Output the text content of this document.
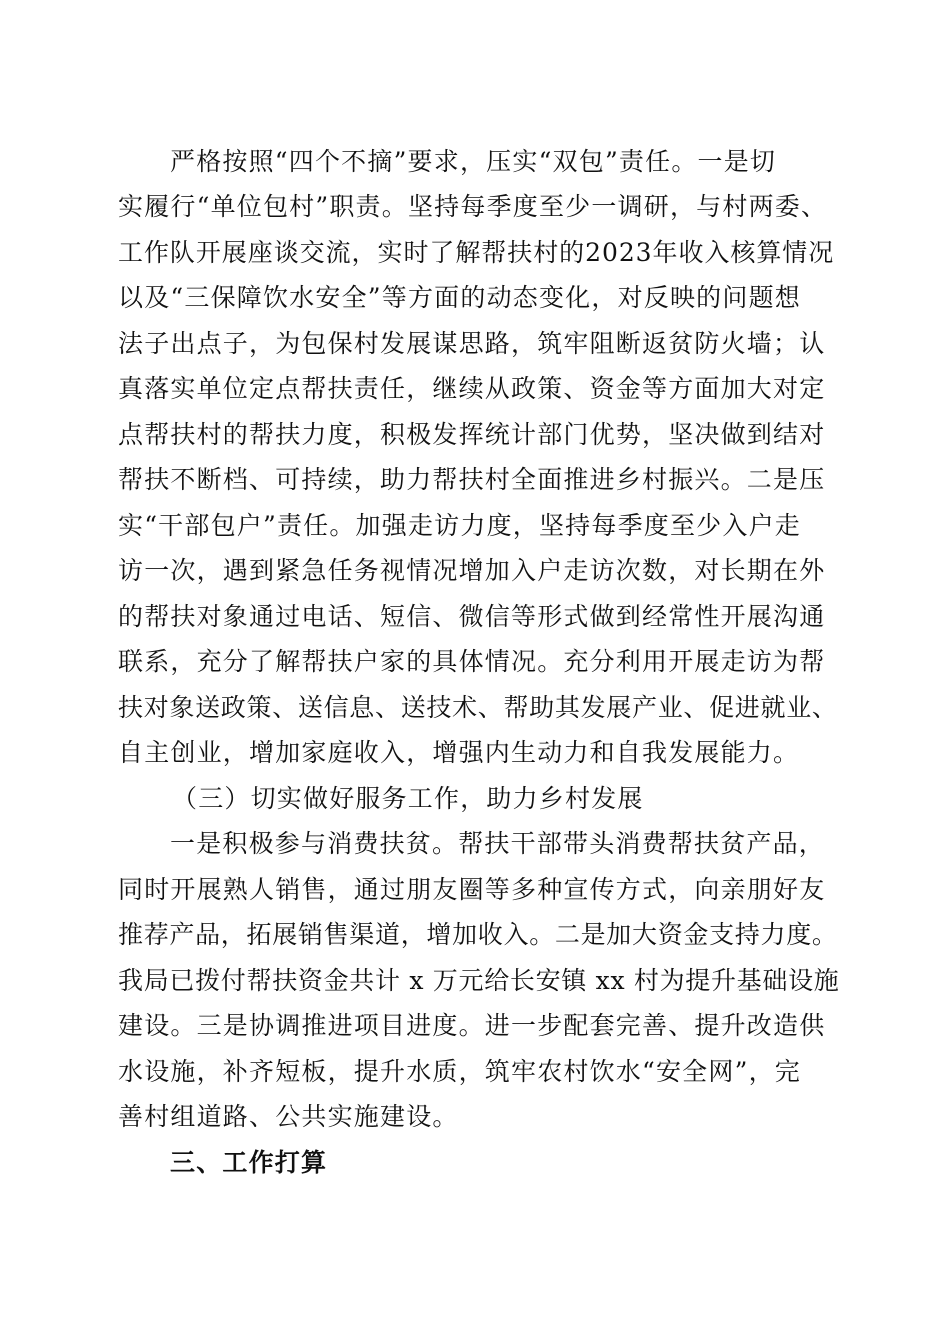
严格按照“四个不摘”要求，压实“双包”责任。一是切
实履行“单位包村”职责。坚持每季度至少一调研，与村两委、
工作队开展座谈交流，实时了解帮扶村的2023年收入核算情况
以及“三保障饮水安全”等方面的动态变化，对反映的问题想
法子出点子，为包保村发展谋思路，筑牢阻断返贫防火墙；认
真落实单位定点帮扶责任，继续从政策、资金等方面加大对定
点帮扶村的帮扶力度，积极发挥统计部门优势，坚决做到结对
帮扶不断档、可持续，助力帮扶村全面推进乡村振兴。二是压
实“干部包户”责任。加强走访力度，坚持每季度至少入户走
访一次，遇到紧急任务视情况增加入户走访次数，对长期在外
的帮扶对象通过电话、短信、微信等形式做到经常性开展沟通
联系，充分了解帮扶户家的具体情况。充分利用开展走访为帮
扶对象送政策、送信息、送技术、帮助其发展产业、促进就业、
自主创业，增加家庭收入，增强内生动力和自我发展能力。
（三）切实做好服务工作，助力乡村发展
一是积极参与消费扶贫。帮扶干部带头消费帮扶贫产品，
同时开展熟人销售，通过朋友圈等多种宣传方式，向亲朋好友
推荐产品，拓展销售渠道，增加收入。二是加大资金支持力度。
我局已拨付帮扶资金共计 x 万元给长安镇 xx 村为提升基础设施
建设。三是协调推进项目进度。进一步配套完善、提升改造供
水设施，补齐短板，提升水质，筑牢农村饮水“安全网”，完
善村组道路、公共实施建设。
三、工作打算
